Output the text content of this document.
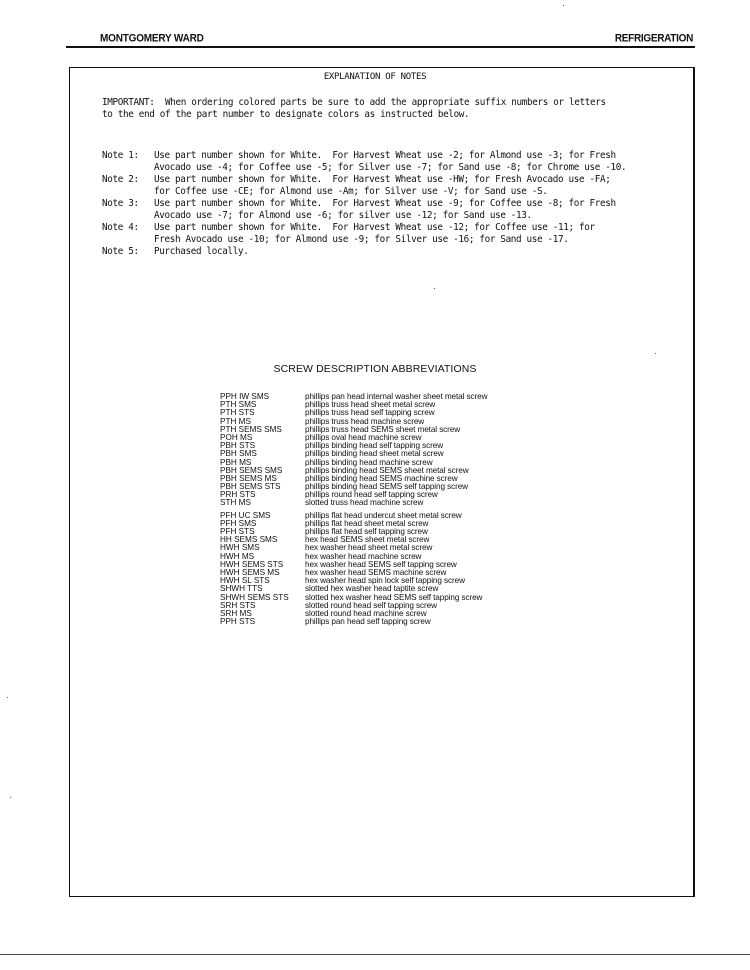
MONTGOMERY WARD	REFRIGERATION
EXPLANATION OF NOTES
IMPORTANT:  When ordering colored parts be sure to add the appropriate suffix numbers or letters
to the end of the part number to designate colors as instructed below.
Note 1: Use part number shown for White.  For Harvest Wheat use -2; for Almond use -3; for Fresh
Avocado use -4; for Coffee use -5; for Silver use -7; for Sand use -8; for Chrome use -10.
Note 2: Use part number shown for White.  For Harvest Wheat use -HW; for Fresh Avocado use -FA;
for Coffee use -CE; for Almond use -Am; for Silver use -V; for Sand use -S.
Note 3: Use part number shown for White.  For Harvest Wheat use -9; for Coffee use -8; for Fresh
Avocado use -7; for Almond use -6; for silver use -12; for Sand use -13.
Note 4: Use part number shown for White.  For Harvest Wheat use -12; for Coffee use -11; for
Fresh Avocado use -10; for Almond use -9; for Silver use -16; for Sand use -17.
Note 5: Purchased locally.
SCREW DESCRIPTION ABBREVIATIONS
PPH IW SMS	phillips pan head internal washer sheet metal screw
PTH SMS	phillips truss head sheet metal screw
PTH STS	phillips truss head self tapping screw
PTH MS	phillips truss head machine screw
PTH SEMS SMS	phillips truss head SEMS sheet metal screw
POH MS	phillips oval head machine screw
PBH STS	phillips binding head self tapping screw
PBH SMS	phillips binding head sheet metal screw
PBH MS	phillips binding head machine screw
PBH SEMS SMS	phillips binding head SEMS sheet metal screw
PBH SEMS MS	phillips binding head SEMS machine screw
PBH SEMS STS	phillips binding head SEMS self tapping screw
PRH STS	phillips round head self tapping screw
STH MS	slotted truss head machine screw
PFH UC SMS	phillips flat head undercut sheet metal screw
PFH SMS	phillips flat head sheet metal screw
PFH STS	phillips flat head self tapping screw
HH SEMS SMS	hex head SEMS sheet metal screw
HWH SMS	hex washer head sheet metal screw
HWH MS	hex washer head machine screw
HWH SEMS STS	hex washer head SEMS self tapping screw
HWH SEMS MS	hex washer head SEMS machine screw
HWH SL STS	hex washer head spin lock self tapping screw
SHWH TTS	slotted hex washer head taptite screw
SHWH SEMS STS	slotted hex washer head SEMS self tapping screw
SRH STS	slotted round head self tapping screw
SRH MS	slotted round head machine screw
PPH STS	phillips pan head self tapping screw
